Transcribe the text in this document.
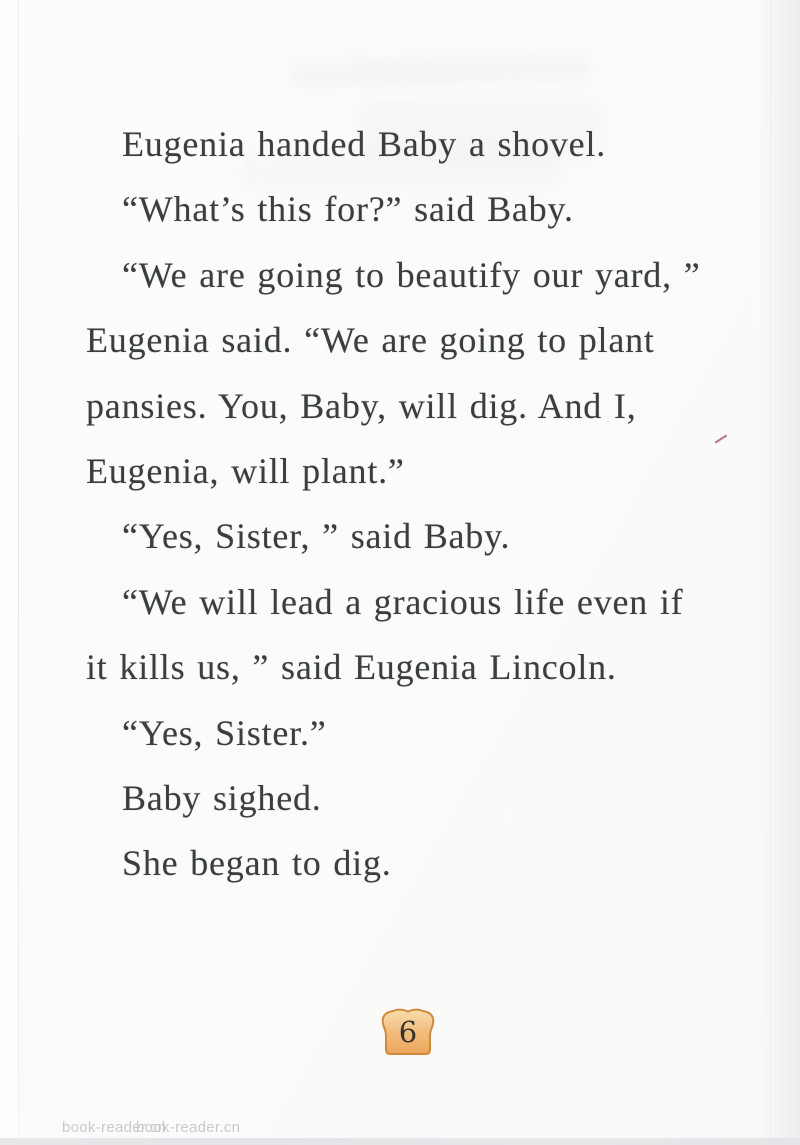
Eugenia handed Baby a shovel.
“What’s this for?” said Baby.
“We are going to beautify our yard, ”
Eugenia said. “We are going to plant
pansies. You, Baby, will dig. And I,
Eugenia, will plant.”
“Yes, Sister, ” said Baby.
“We will lead a gracious life even if
it kills us, ” said Eugenia Lincoln.
“Yes, Sister.”
Baby sighed.
She began to dig.
6
book-reader.cn
book-reader.cn
